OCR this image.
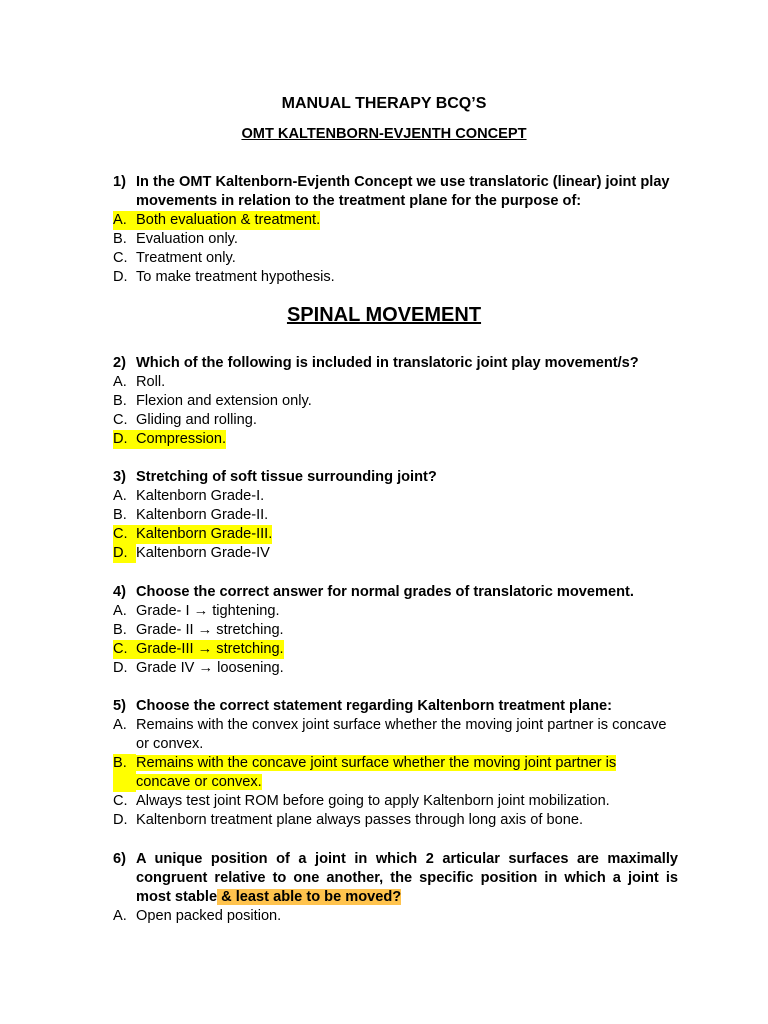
MANUAL THERAPY BCQ’S
OMT KALTENBORN-EVJENTH CONCEPT
1) In the OMT Kaltenborn-Evjenth Concept we use translatoric (linear) joint play movements in relation to the treatment plane for the purpose of:
A. Both evaluation & treatment.
B. Evaluation only.
C. Treatment only.
D. To make treatment hypothesis.
SPINAL MOVEMENT
2) Which of the following is included in translatoric joint play movement/s?
A. Roll.
B. Flexion and extension only.
C. Gliding and rolling.
D. Compression.
3) Stretching of soft tissue surrounding joint?
A. Kaltenborn Grade-I.
B. Kaltenborn Grade-II.
C. Kaltenborn Grade-III.
D. Kaltenborn Grade-IV
4) Choose the correct answer for normal grades of translatoric movement.
A. Grade- I → tightening.
B. Grade- II → stretching.
C. Grade-III → stretching.
D. Grade IV → loosening.
5) Choose the correct statement regarding Kaltenborn treatment plane:
A. Remains with the convex joint surface whether the moving joint partner is concave or convex.
B. Remains with the concave joint surface whether the moving joint partner is
concave or convex.
C. Always test joint ROM before going to apply Kaltenborn joint mobilization.
D. Kaltenborn treatment plane always passes through long axis of bone.
6) A unique position of a joint in which 2 articular surfaces are maximally congruent relative to one another, the specific position in which a joint is most stable & least able to be moved?
A. Open packed position.
